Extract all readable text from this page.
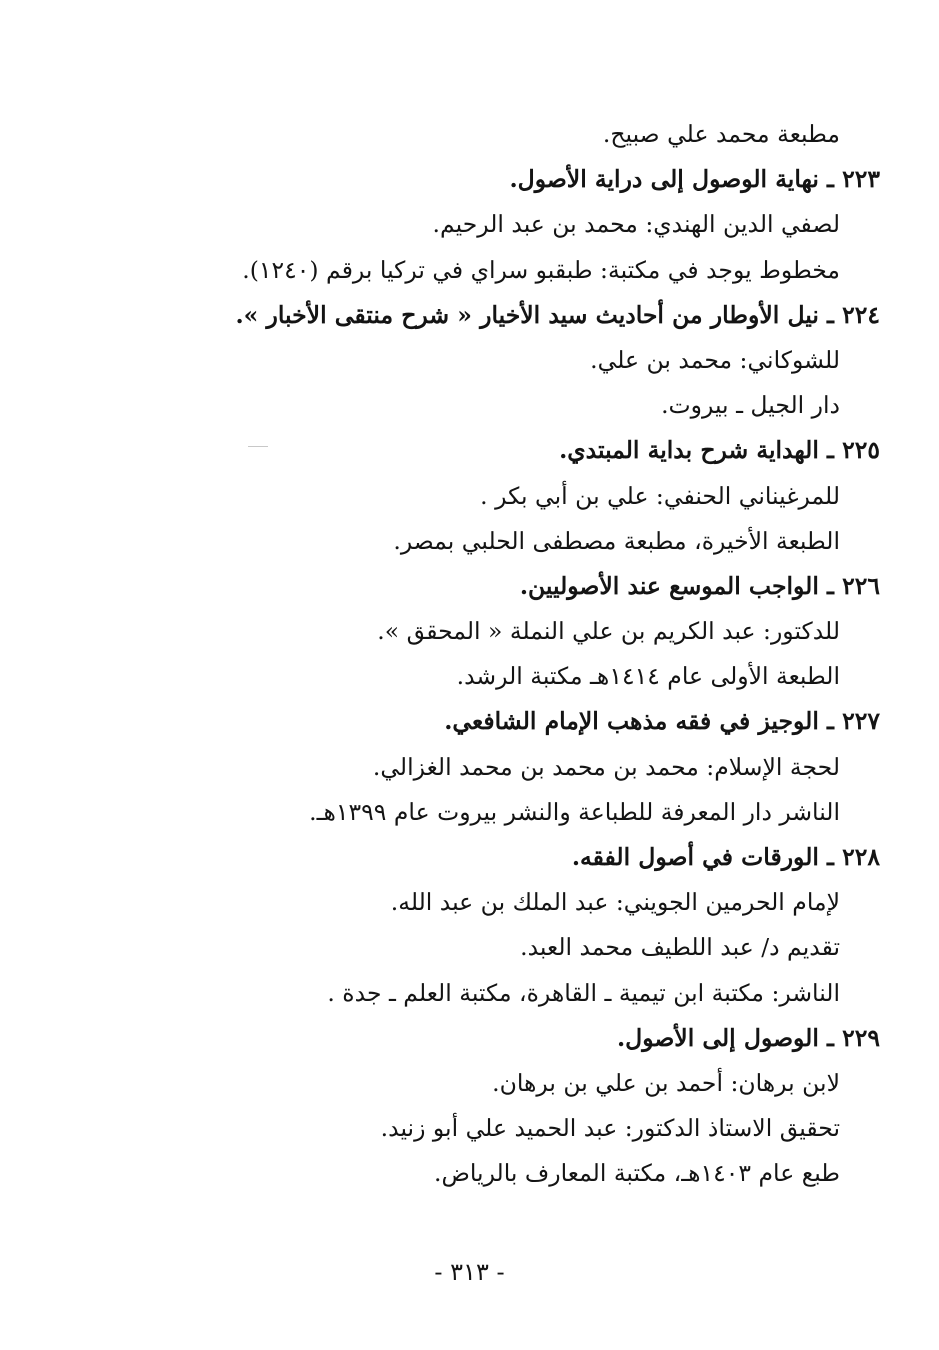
مطبعة محمد علي صبيح.
٢٢٣ ـ نهاية الوصول إلى دراية الأصول.
لصفي الدين الهندي: محمد بن عبد الرحيم.
مخطوط يوجد في مكتبة: طبقبو سراي في تركيا برقم (١٢٤٠).
٢٢٤ ـ نيل الأوطار من أحاديث سيد الأخيار « شرح منتقى الأخبار ».
للشوكاني: محمد بن علي.
دار الجيل ـ بيروت.
٢٢٥ ـ الهداية شرح بداية المبتدي.
للمرغيناني الحنفي: علي بن أبي بكر .
الطبعة الأخيرة، مطبعة مصطفى الحلبي بمصر.
٢٢٦ ـ الواجب الموسع عند الأصوليين.
للدكتور: عبد الكريم بن علي النملة « المحقق ».
الطبعة الأولى عام ١٤١٤هـ مكتبة الرشد.
٢٢٧ ـ الوجيز في فقه مذهب الإمام الشافعي.
لحجة الإسلام: محمد بن محمد بن محمد الغزالي.
الناشر دار المعرفة للطباعة والنشر بيروت عام ١٣٩٩هـ.
٢٢٨ ـ الورقات في أصول الفقه.
لإمام الحرمين الجويني: عبد الملك بن عبد الله.
تقديم د/ عبد اللطيف محمد العبد.
الناشر: مكتبة ابن تيمية ـ القاهرة، مكتبة العلم ـ جدة .
٢٢٩ ـ الوصول إلى الأصول.
لابن برهان: أحمد بن علي بن برهان.
تحقيق الاستاذ الدكتور: عبد الحميد علي أبو زنيد.
طبع عام ١٤٠٣هـ، مكتبة المعارف بالرياض.
- ٣١٣ -
